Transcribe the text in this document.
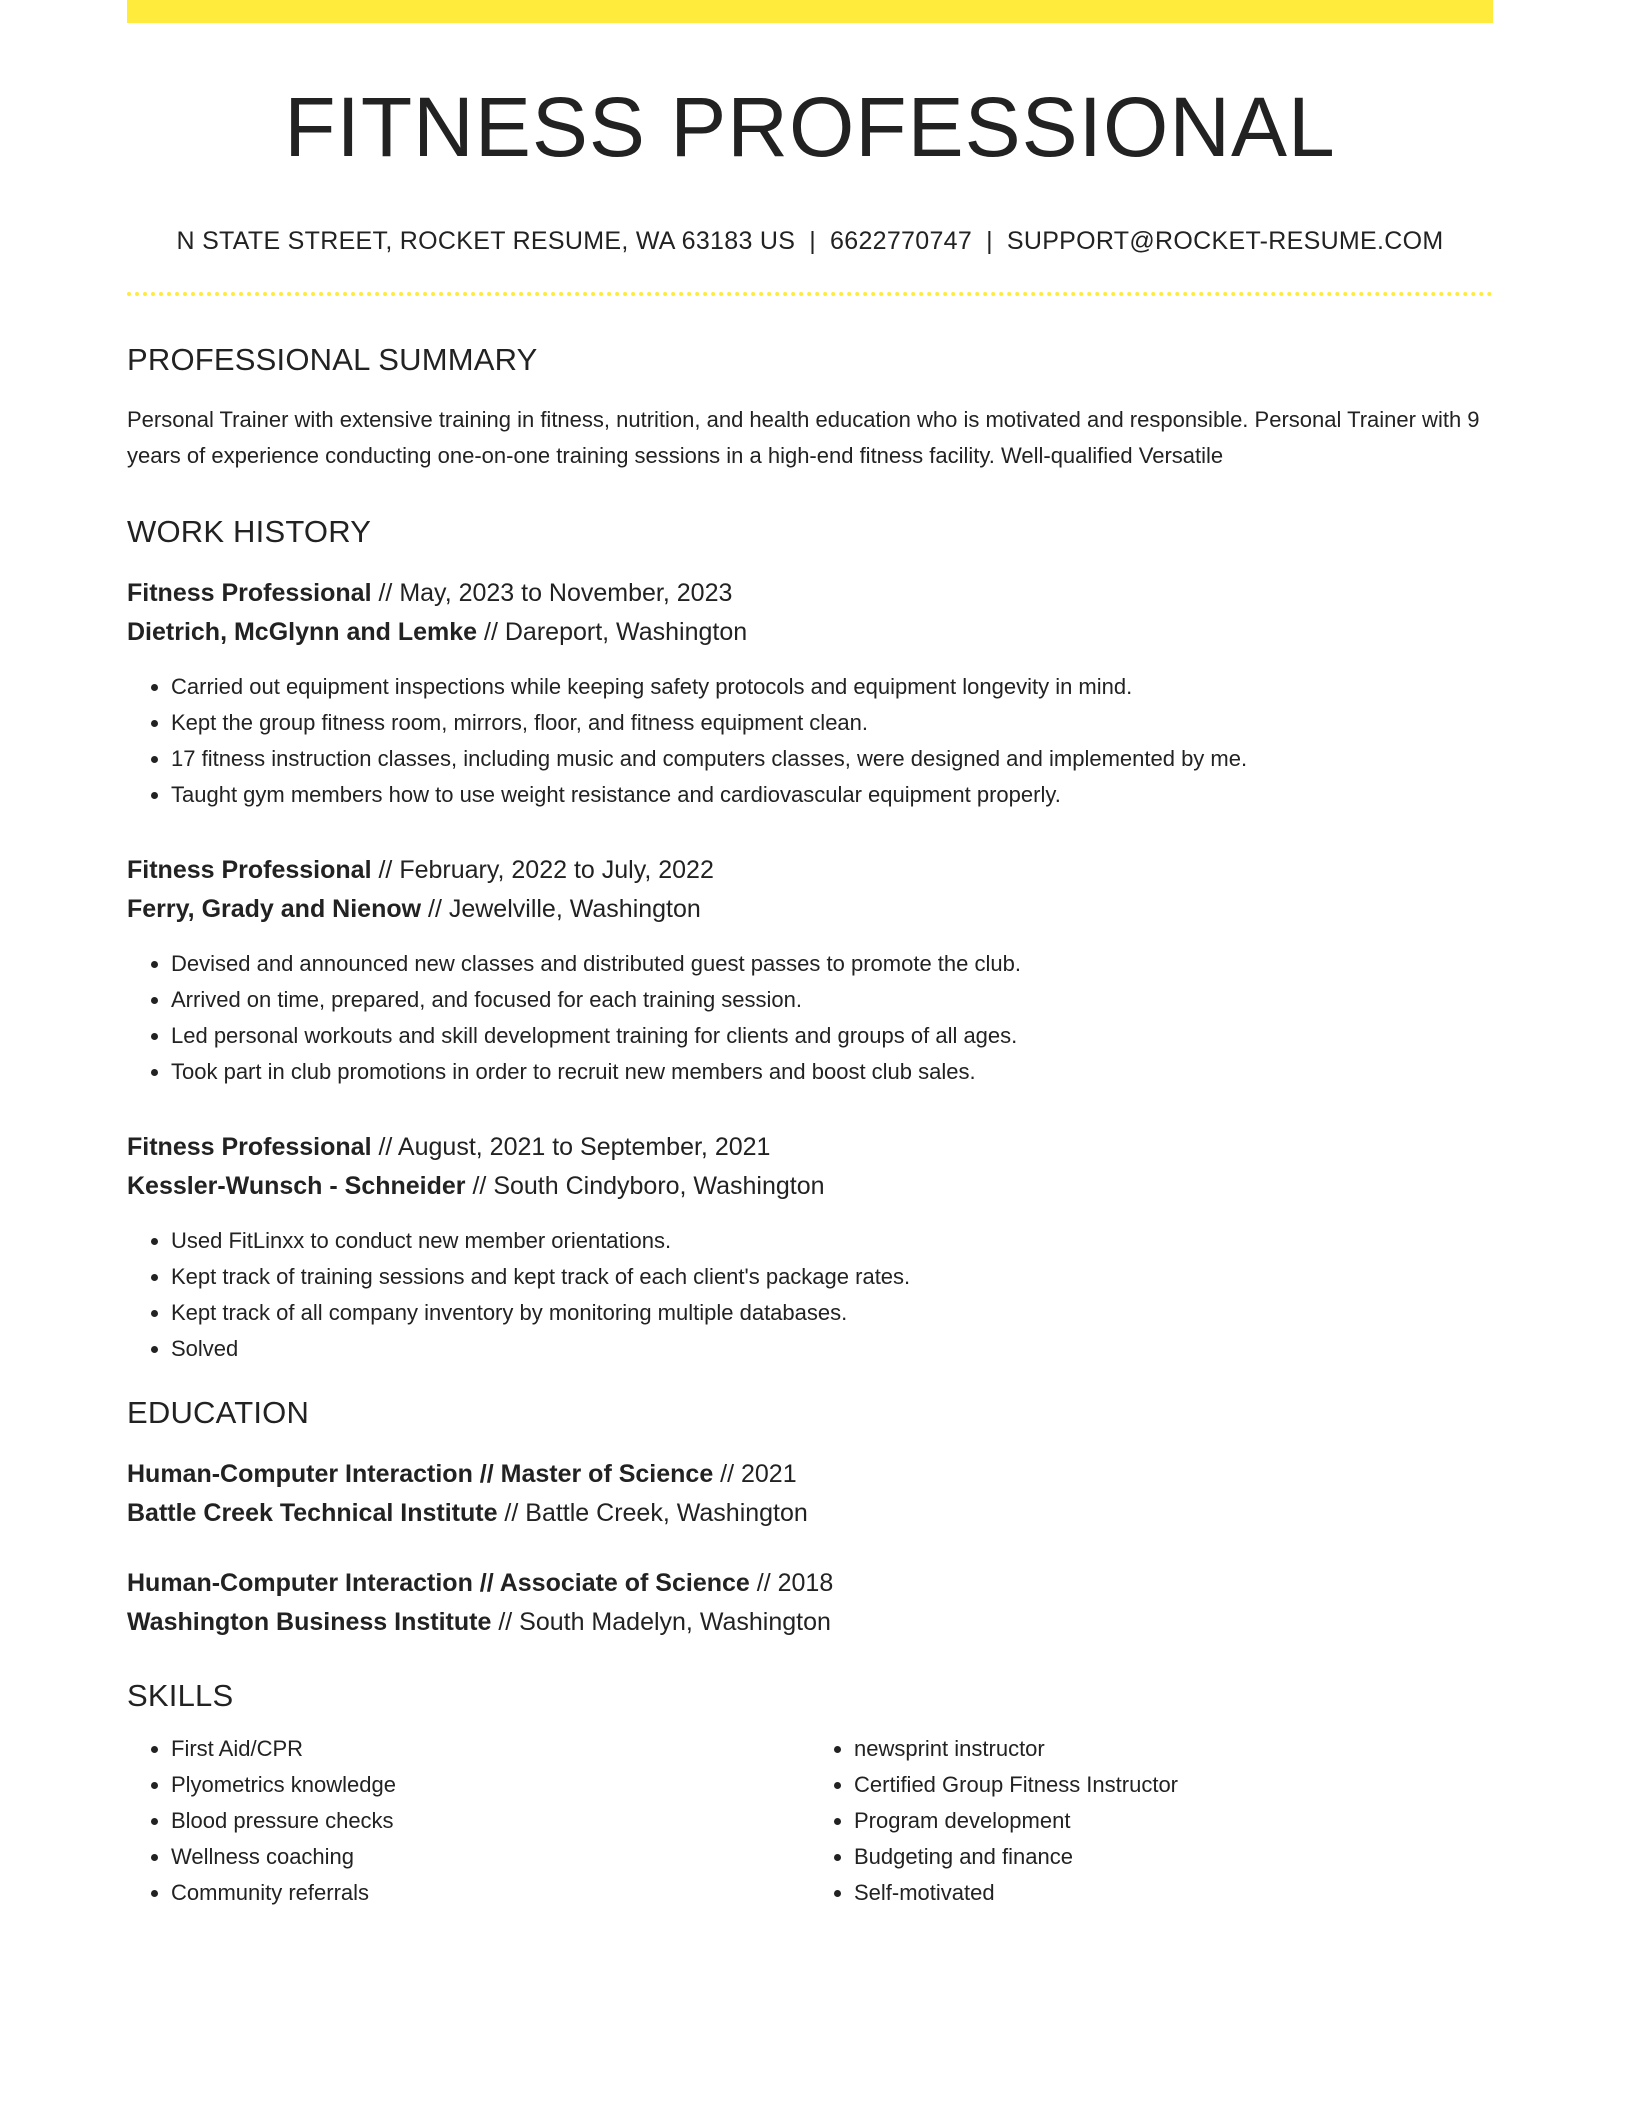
FITNESS PROFESSIONAL
N STATE STREET, ROCKET RESUME, WA 63183 US | 6622770747 | SUPPORT@ROCKET-RESUME.COM
PROFESSIONAL SUMMARY
Personal Trainer with extensive training in fitness, nutrition, and health education who is motivated and responsible. Personal Trainer with 9 years of experience conducting one-on-one training sessions in a high-end fitness facility. Well-qualified Versatile
WORK HISTORY
Fitness Professional // May, 2023 to November, 2023
Dietrich, McGlynn and Lemke // Dareport, Washington
• Carried out equipment inspections while keeping safety protocols and equipment longevity in mind.
• Kept the group fitness room, mirrors, floor, and fitness equipment clean.
• 17 fitness instruction classes, including music and computers classes, were designed and implemented by me.
• Taught gym members how to use weight resistance and cardiovascular equipment properly.
Fitness Professional // February, 2022 to July, 2022
Ferry, Grady and Nienow // Jewelville, Washington
• Devised and announced new classes and distributed guest passes to promote the club.
• Arrived on time, prepared, and focused for each training session.
• Led personal workouts and skill development training for clients and groups of all ages.
• Took part in club promotions in order to recruit new members and boost club sales.
Fitness Professional // August, 2021 to September, 2021
Kessler-Wunsch - Schneider // South Cindyboro, Washington
• Used FitLinxx to conduct new member orientations.
• Kept track of training sessions and kept track of each client's package rates.
• Kept track of all company inventory by monitoring multiple databases.
• Solved
EDUCATION
Human-Computer Interaction // Master of Science // 2021
Battle Creek Technical Institute // Battle Creek, Washington
Human-Computer Interaction // Associate of Science // 2018
Washington Business Institute // South Madelyn, Washington
SKILLS
• First Aid/CPR
• Plyometrics knowledge
• Blood pressure checks
• Wellness coaching
• Community referrals
• newsprint instructor
• Certified Group Fitness Instructor
• Program development
• Budgeting and finance
• Self-motivated
